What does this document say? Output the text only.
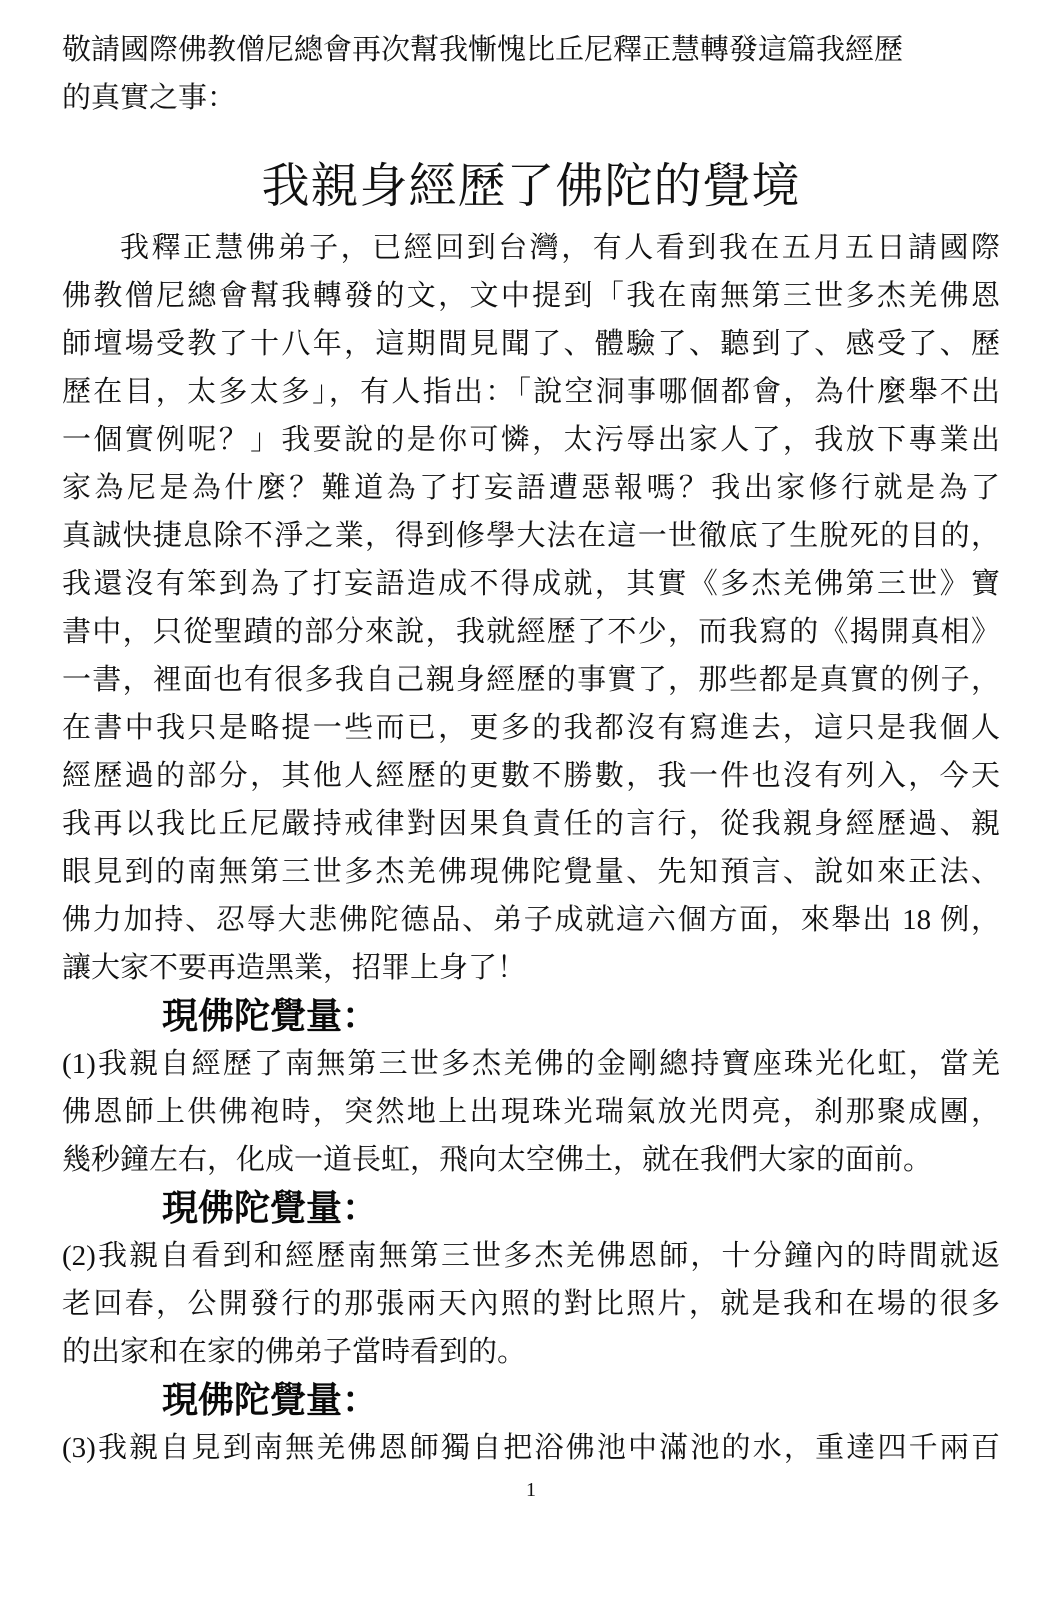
敬請國際佛教僧尼總會再次幫我慚愧比丘尼釋正慧轉發這篇我經歷
的真實之事：
我親身經歷了佛陀的覺境
我釋正慧佛弟子，已經回到台灣，有人看到我在五月五日請國際
佛教僧尼總會幫我轉發的文，文中提到「我在南無第三世多杰羌佛恩
師壇場受教了十八年，這期間見聞了、體驗了、聽到了、感受了、歷
歷在目，太多太多」，有人指出：「說空洞事哪個都會，為什麼舉不出
一個實例呢？」我要說的是你可憐，太污辱出家人了，我放下專業出
家為尼是為什麼？難道為了打妄語遭惡報嗎？我出家修行就是為了
真誠快捷息除不淨之業，得到修學大法在這一世徹底了生脫死的目的，
我還沒有笨到為了打妄語造成不得成就，其實《多杰羌佛第三世》寶
書中，只從聖蹟的部分來說，我就經歷了不少，而我寫的《揭開真相》
一書，裡面也有很多我自己親身經歷的事實了，那些都是真實的例子，
在書中我只是略提一些而已，更多的我都沒有寫進去，這只是我個人
經歷過的部分，其他人經歷的更數不勝數，我一件也沒有列入，今天
我再以我比丘尼嚴持戒律對因果負責任的言行，從我親身經歷過、親
眼見到的南無第三世多杰羌佛現佛陀覺量、先知預言、說如來正法、
佛力加持、忍辱大悲佛陀德品、弟子成就這六個方面，來舉出 18 例，
讓大家不要再造黑業，招罪上身了！
現佛陀覺量：
(1)我親自經歷了南無第三世多杰羌佛的金剛總持寶座珠光化虹，當羌
佛恩師上供佛袍時，突然地上出現珠光瑞氣放光閃亮，刹那聚成團，
幾秒鐘左右，化成一道長虹，飛向太空佛土，就在我們大家的面前。
現佛陀覺量：
(2)我親自看到和經歷南無第三世多杰羌佛恩師，十分鐘內的時間就返
老回春，公開發行的那張兩天內照的對比照片，就是我和在場的很多
的出家和在家的佛弟子當時看到的。
現佛陀覺量：
(3)我親自見到南無羌佛恩師獨自把浴佛池中滿池的水，重達四千兩百
1
